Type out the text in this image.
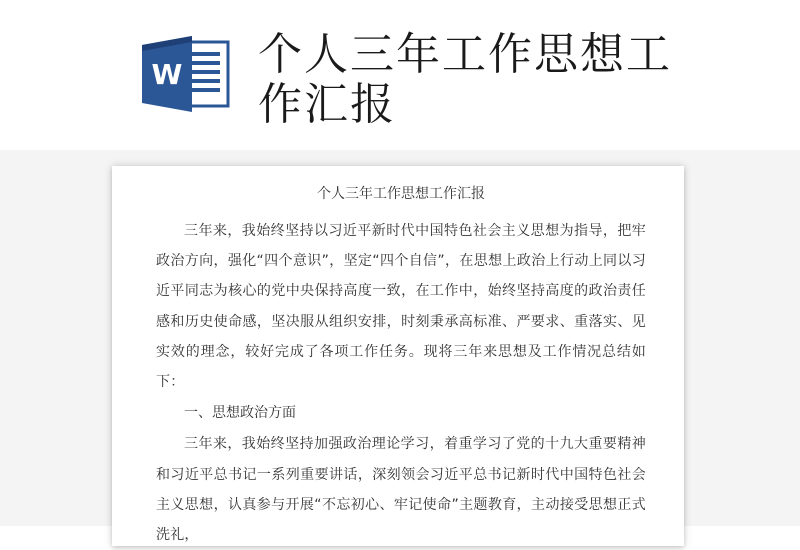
W 个人三年工作思想工作汇报

个人三年工作思想工作汇报

三年来，我始终坚持以习近平新时代中国特色社会主义思想为指导，把牢政治方向，强化“四个意识”，坚定“四个自信”，在思想上政治上行动上同以习近平同志为核心的党中央保持高度一致，在工作中，始终坚持高度的政治责任感和历史使命感，坚决服从组织安排，时刻秉承高标准、严要求、重落实、见实效的理念，较好完成了各项工作任务。现将三年来思想及工作情况总结如下：

一、思想政治方面

三年来，我始终坚持加强政治理论学习，着重学习了党的十九大重要精神和习近平总书记一系列重要讲话，深刻领会习近平总书记新时代中国特色社会主义思想，认真参与开展“不忘初心、牢记使命”主题教育，主动接受思想正式洗礼，
